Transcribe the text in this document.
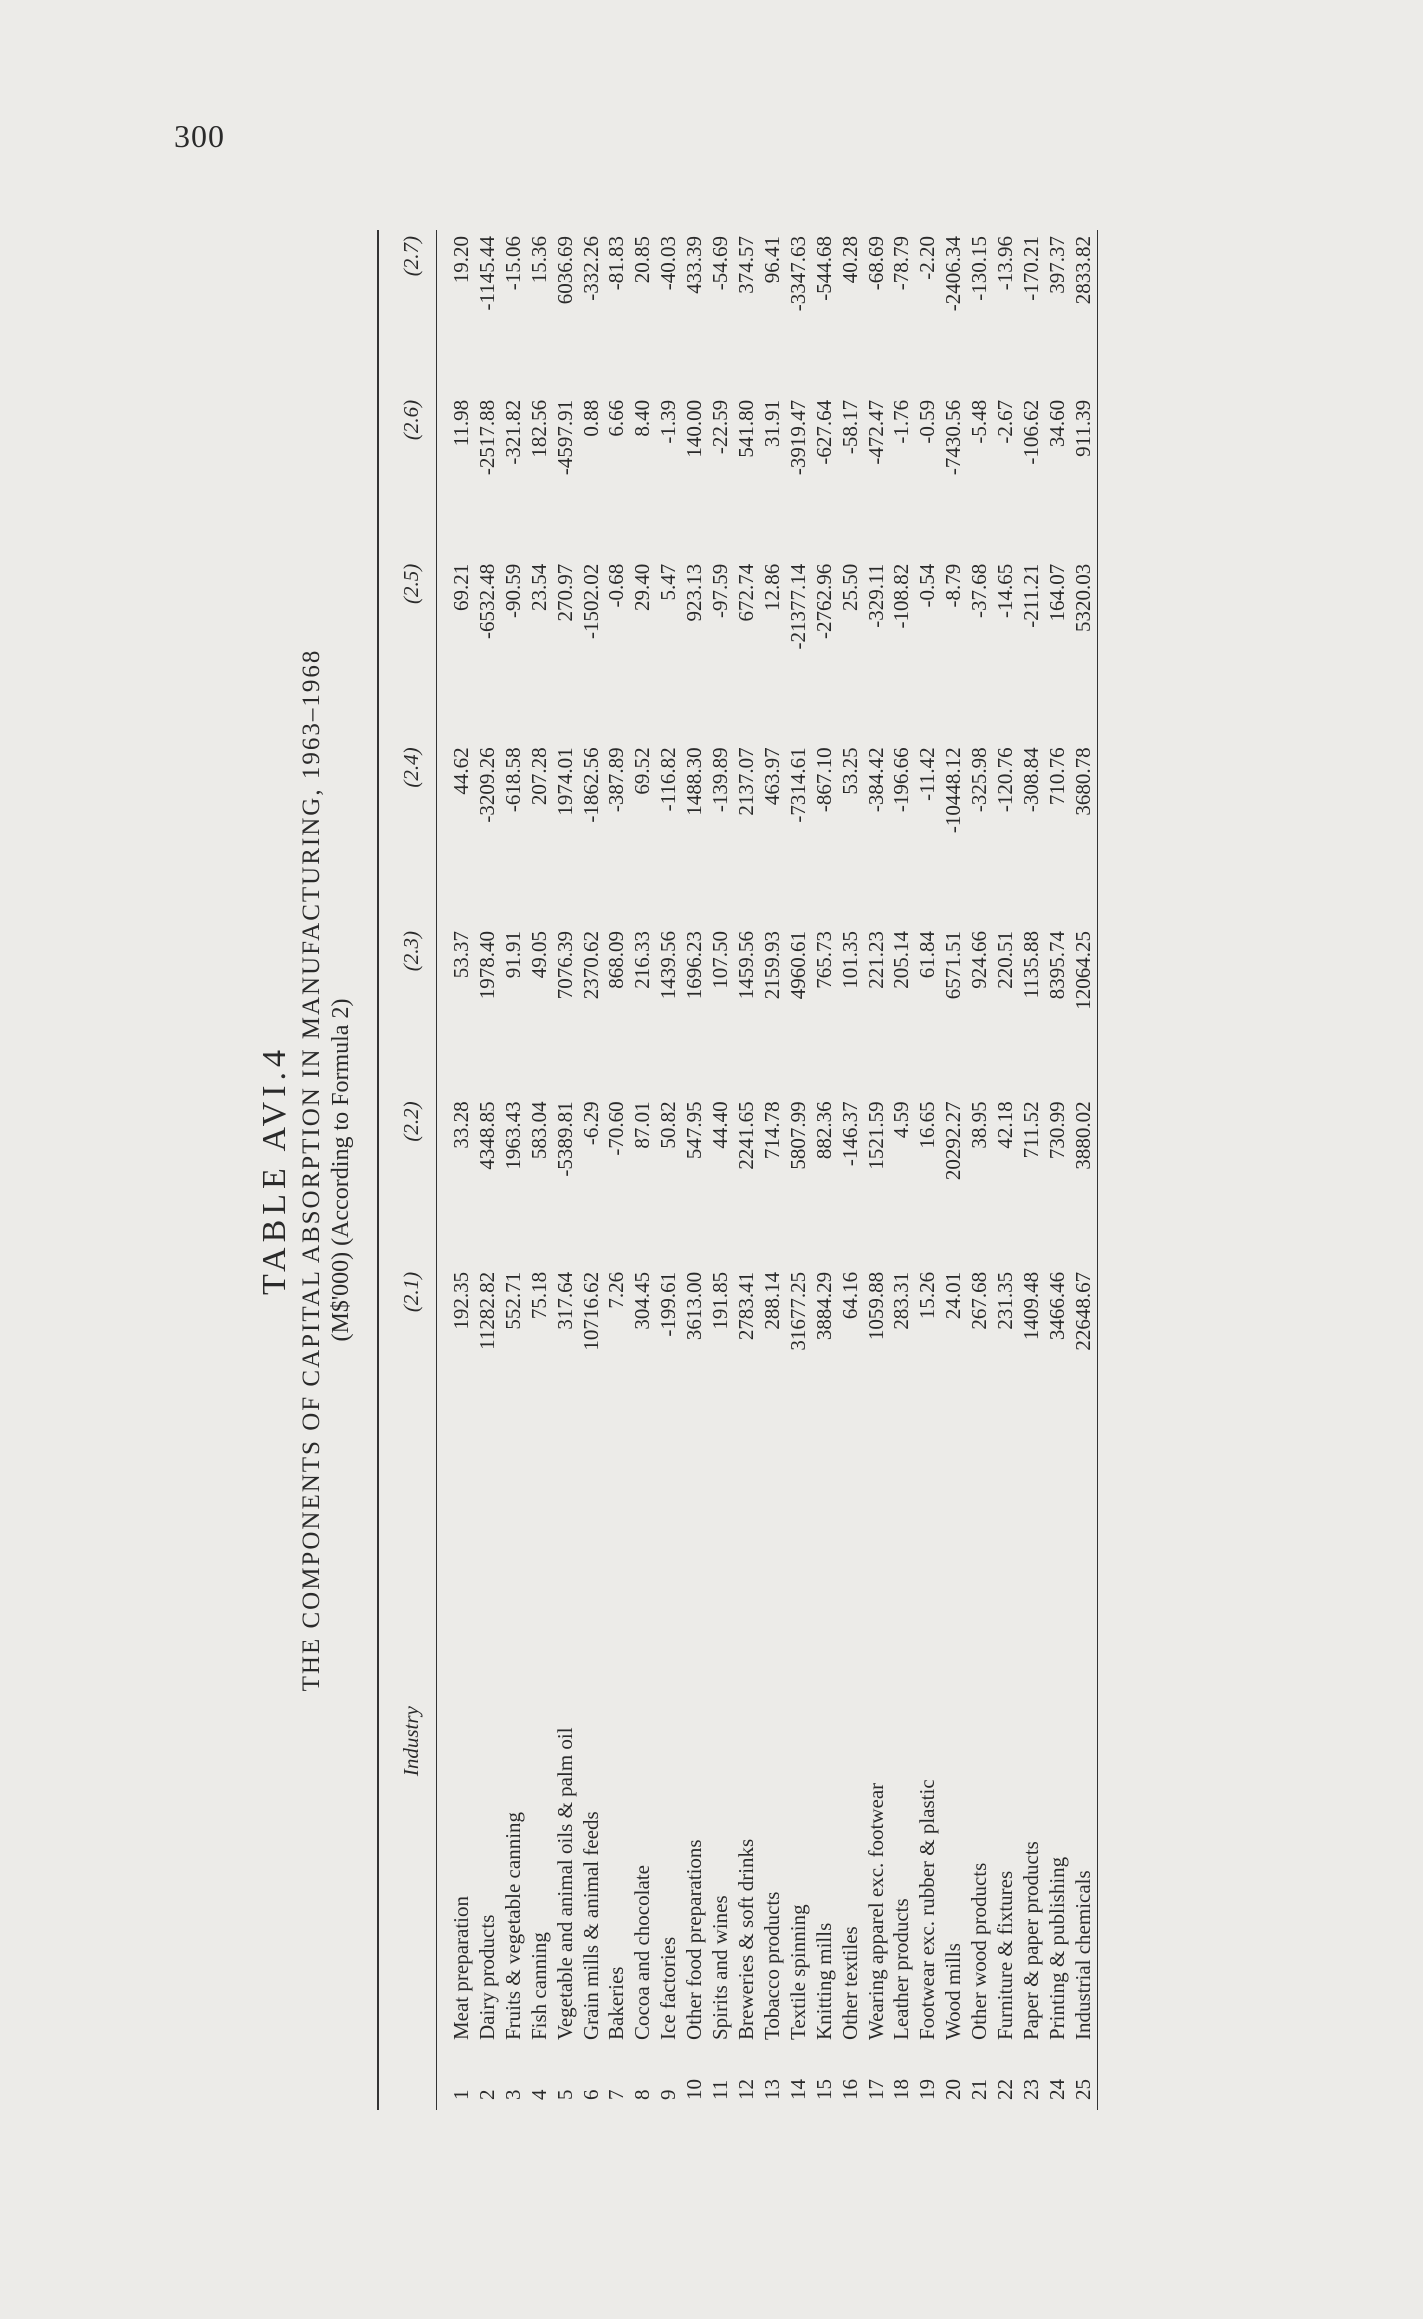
300

TABLE AVI.4 THE COMPONENTS OF CAPITAL ABSORPTION IN MANUFACTURING, 1963–1968 (M$'000) (According to Formula 2)

	Industry	(2.1)	(2.2)	(2.3)	(2.4)	(2.5)	(2.6)	(2.7)
1	Meat preparation	192.35	33.28	53.37	44.62	69.21	11.98	19.20
2	Dairy products	11282.82	4348.85	1978.40	-3209.26	-6532.48	-2517.88	-1145.44
3	Fruits & vegetable canning	552.71	1963.43	91.91	-618.58	-90.59	-321.82	-15.06
4	Fish canning	75.18	583.04	49.05	207.28	23.54	182.56	15.36
5	Vegetable and animal oils & palm oil	317.64	-5389.81	7076.39	1974.01	270.97	-4597.91	6036.69
6	Grain mills & animal feeds	10716.62	-6.29	2370.62	-1862.56	-1502.02	0.88	-332.26
7	Bakeries	7.26	-70.60	868.09	-387.89	-0.68	6.66	-81.83
8	Cocoa and chocolate	304.45	87.01	216.33	69.52	29.40	8.40	20.85
9	Ice factories	-199.61	50.82	1439.56	-116.82	5.47	-1.39	-40.03
10	Other food preparations	3613.00	547.95	1696.23	1488.30	923.13	140.00	433.39
11	Spirits and wines	191.85	44.40	107.50	-139.89	-97.59	-22.59	-54.69
12	Breweries & soft drinks	2783.41	2241.65	1459.56	2137.07	672.74	541.80	374.57
13	Tobacco products	288.14	714.78	2159.93	463.97	12.86	31.91	96.41
14	Textile spinning	31677.25	5807.99	4960.61	-7314.61	-21377.14	-3919.47	-3347.63
15	Knitting mills	3884.29	882.36	765.73	-867.10	-2762.96	-627.64	-544.68
16	Other textiles	64.16	-146.37	101.35	53.25	25.50	-58.17	40.28
17	Wearing apparel exc. footwear	1059.88	1521.59	221.23	-384.42	-329.11	-472.47	-68.69
18	Leather products	283.31	4.59	205.14	-196.66	-108.82	-1.76	-78.79
19	Footwear exc. rubber & plastic	15.26	16.65	61.84	-11.42	-0.54	-0.59	-2.20
20	Wood mills	24.01	20292.27	6571.51	-10448.12	-8.79	-7430.56	-2406.34
21	Other wood products	267.68	38.95	924.66	-325.98	-37.68	-5.48	-130.15
22	Furniture & fixtures	231.35	42.18	220.51	-120.76	-14.65	-2.67	-13.96
23	Paper & paper products	1409.48	711.52	1135.88	-308.84	-211.21	-106.62	-170.21
24	Printing & publishing	3466.46	730.99	8395.74	710.76	164.07	34.60	397.37
25	Industrial chemicals	22648.67	3880.02	12064.25	3680.78	5320.03	911.39	2833.82
